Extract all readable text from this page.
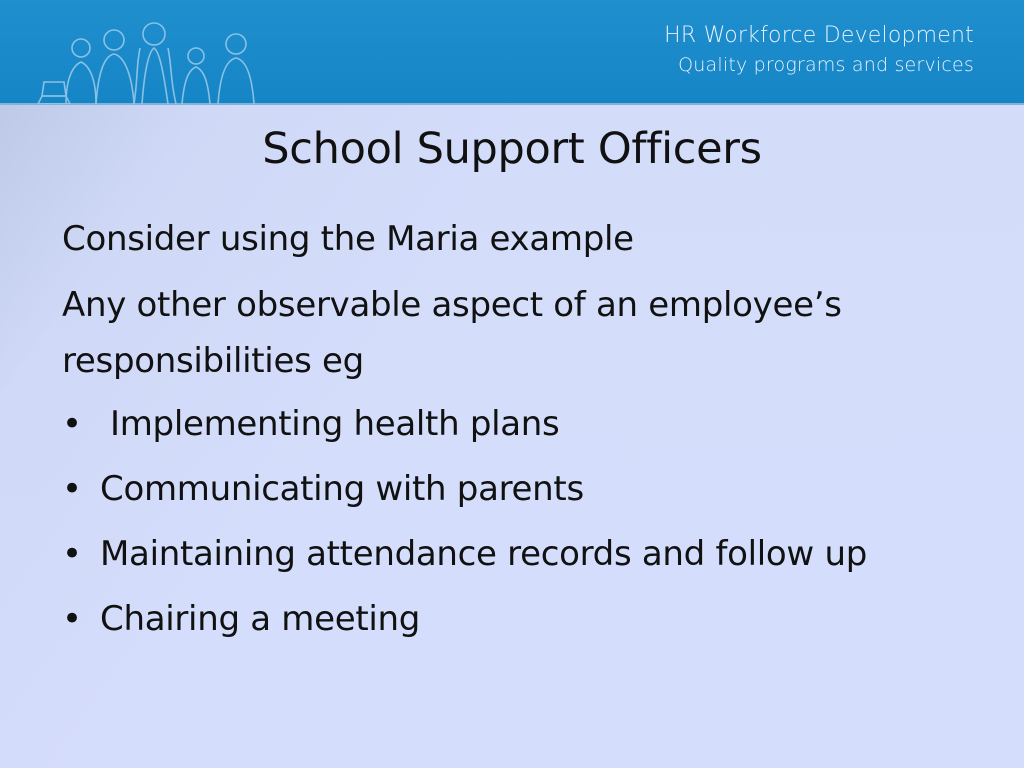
HR Workforce Development
Quality programs and services
School Support Officers

Consider using the Maria example

Any other observable aspect of an employee’s responsibilities eg

• Implementing health plans
• Communicating with parents
• Maintaining attendance records and follow up
• Chairing a meeting
